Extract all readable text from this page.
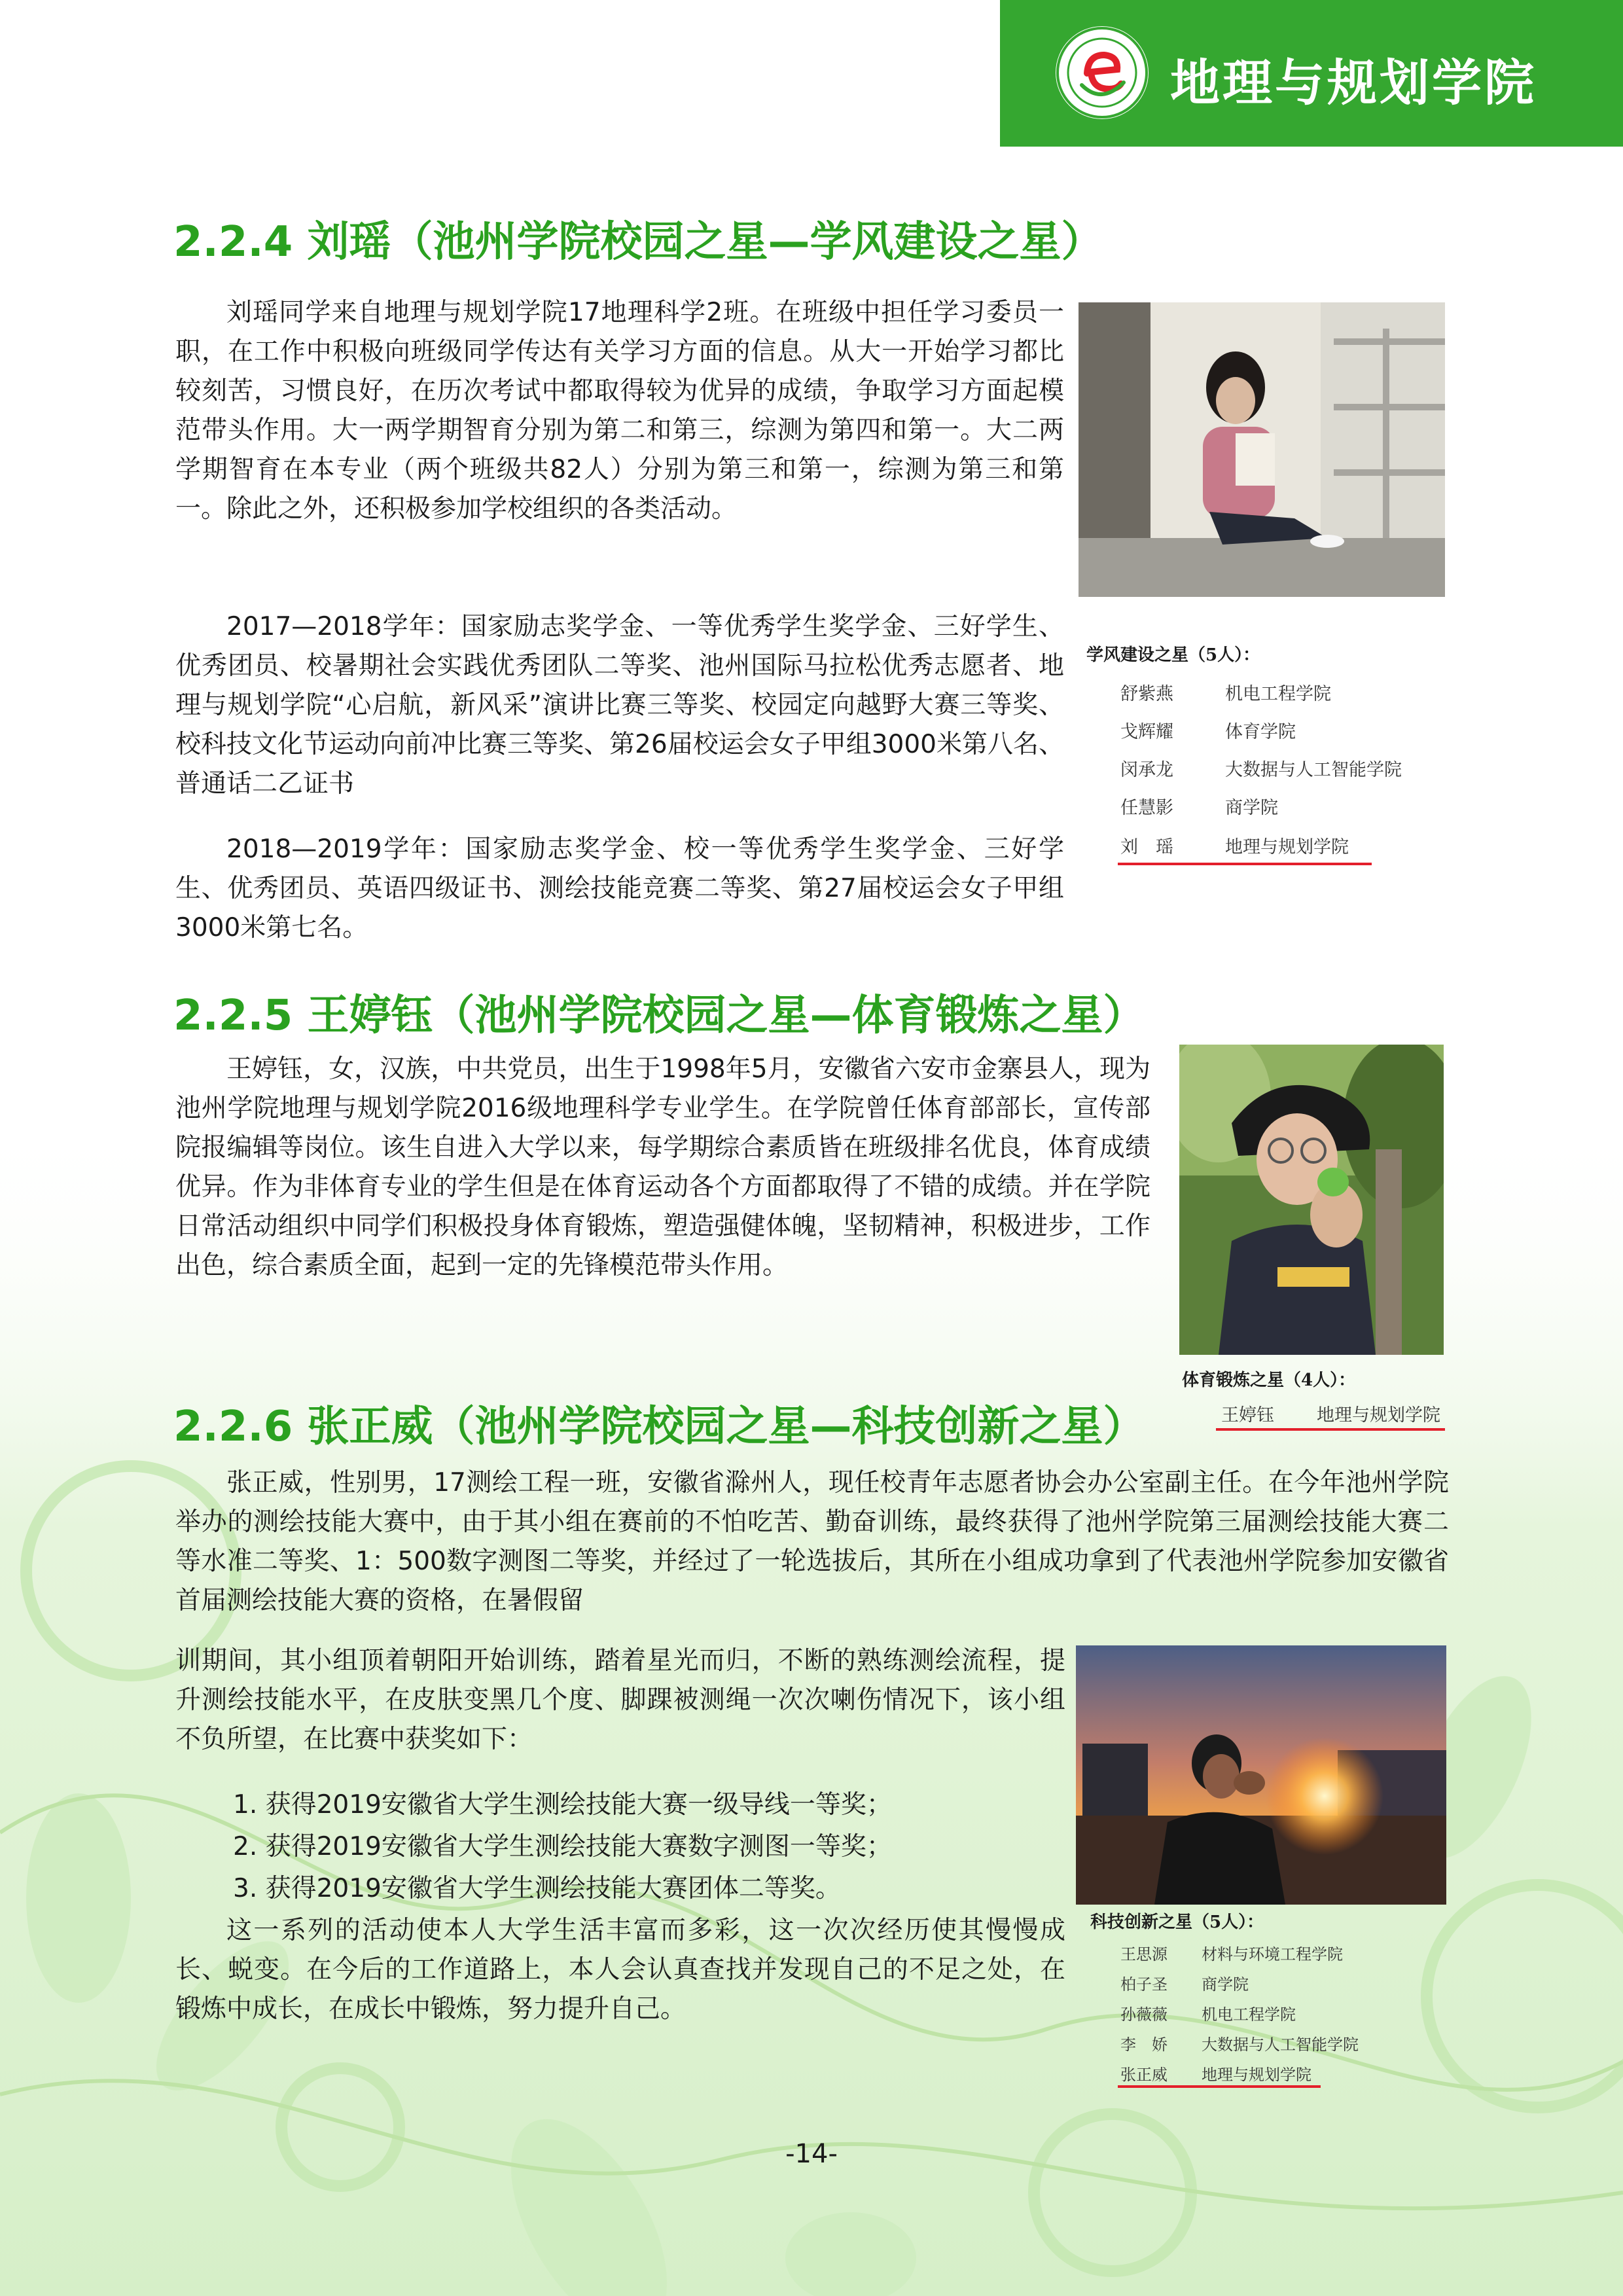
地理与规划学院
2.2.4 刘瑶（池州学院校园之星—学风建设之星）
刘瑶同学来自地理与规划学院17地理科学2班。在班级中担任学习委员一职，在工作中积极向班级同学传达有关学习方面的信息。从大一开始学习都比较刻苦，习惯良好，在历次考试中都取得较为优异的成绩，争取学习方面起模范带头作用。大一两学期智育分别为第二和第三，综测为第四和第一。大二两学期智育在本专业（两个班级共82人）分别为第三和第一，综测为第三和第一。除此之外，还积极参加学校组织的各类活动。
2017—2018学年：国家励志奖学金、一等优秀学生奖学金、三好学生、优秀团员、校暑期社会实践优秀团队二等奖、池州国际马拉松优秀志愿者、地理与规划学院“心启航，新风采”演讲比赛三等奖、校园定向越野大赛三等奖、校科技文化节运动向前冲比赛三等奖、第26届校运会女子甲组3000米第八名、普通话二乙证书
2018—2019学年：国家励志奖学金、校一等优秀学生奖学金、三好学生、优秀团员、英语四级证书、测绘技能竞赛二等奖、第27届校运会女子甲组3000米第七名。
学风建设之星（5人）：
舒紫燕	机电工程学院
戈辉耀	体育学院
闵承龙	大数据与人工智能学院
任慧影	商学院
刘　瑶	地理与规划学院
2.2.5 王婷钰（池州学院校园之星—体育锻炼之星）
王婷钰，女，汉族，中共党员，出生于1998年5月，安徽省六安市金寨县人，现为池州学院地理与规划学院2016级地理科学专业学生。在学院曾任体育部部长，宣传部院报编辑等岗位。该生自进入大学以来，每学期综合素质皆在班级排名优良，体育成绩优异。作为非体育专业的学生但是在体育运动各个方面都取得了不错的成绩。并在学院日常活动组织中同学们积极投身体育锻炼，塑造强健体魄，坚韧精神，积极进步，工作出色，综合素质全面，起到一定的先锋模范带头作用。
体育锻炼之星（4人）：
王婷钰 地理与规划学院
2.2.6 张正威（池州学院校园之星—科技创新之星）
张正威，性别男，17测绘工程一班，安徽省滁州人，现任校青年志愿者协会办公室副主任。在今年池州学院举办的测绘技能大赛中，由于其小组在赛前的不怕吃苦、勤奋训练，最终获得了池州学院第三届测绘技能大赛二等水准二等奖、1：500数字测图二等奖，并经过了一轮选拔后，其所在小组成功拿到了代表池州学院参加安徽省首届测绘技能大赛的资格，在暑假留
训期间，其小组顶着朝阳开始训练，踏着星光而归，不断的熟练测绘流程，提升测绘技能水平，在皮肤变黑几个度、脚踝被测绳一次次喇伤情况下，该小组不负所望，在比赛中获奖如下：
1. 获得2019安徽省大学生测绘技能大赛一级导线一等奖；
2. 获得2019安徽省大学生测绘技能大赛数字测图一等奖；
3. 获得2019安徽省大学生测绘技能大赛团体二等奖。
这一系列的活动使本人大学生活丰富而多彩，这一次次经历使其慢慢成长、蜕变。在今后的工作道路上，本人会认真查找并发现自己的不足之处，在锻炼中成长，在成长中锻炼，努力提升自己。
科技创新之星（5人）：
王思源 材料与环境工程学院
柏子圣 商学院
孙薇薇 机电工程学院
李　娇 大数据与人工智能学院
张正威 地理与规划学院
-14-
